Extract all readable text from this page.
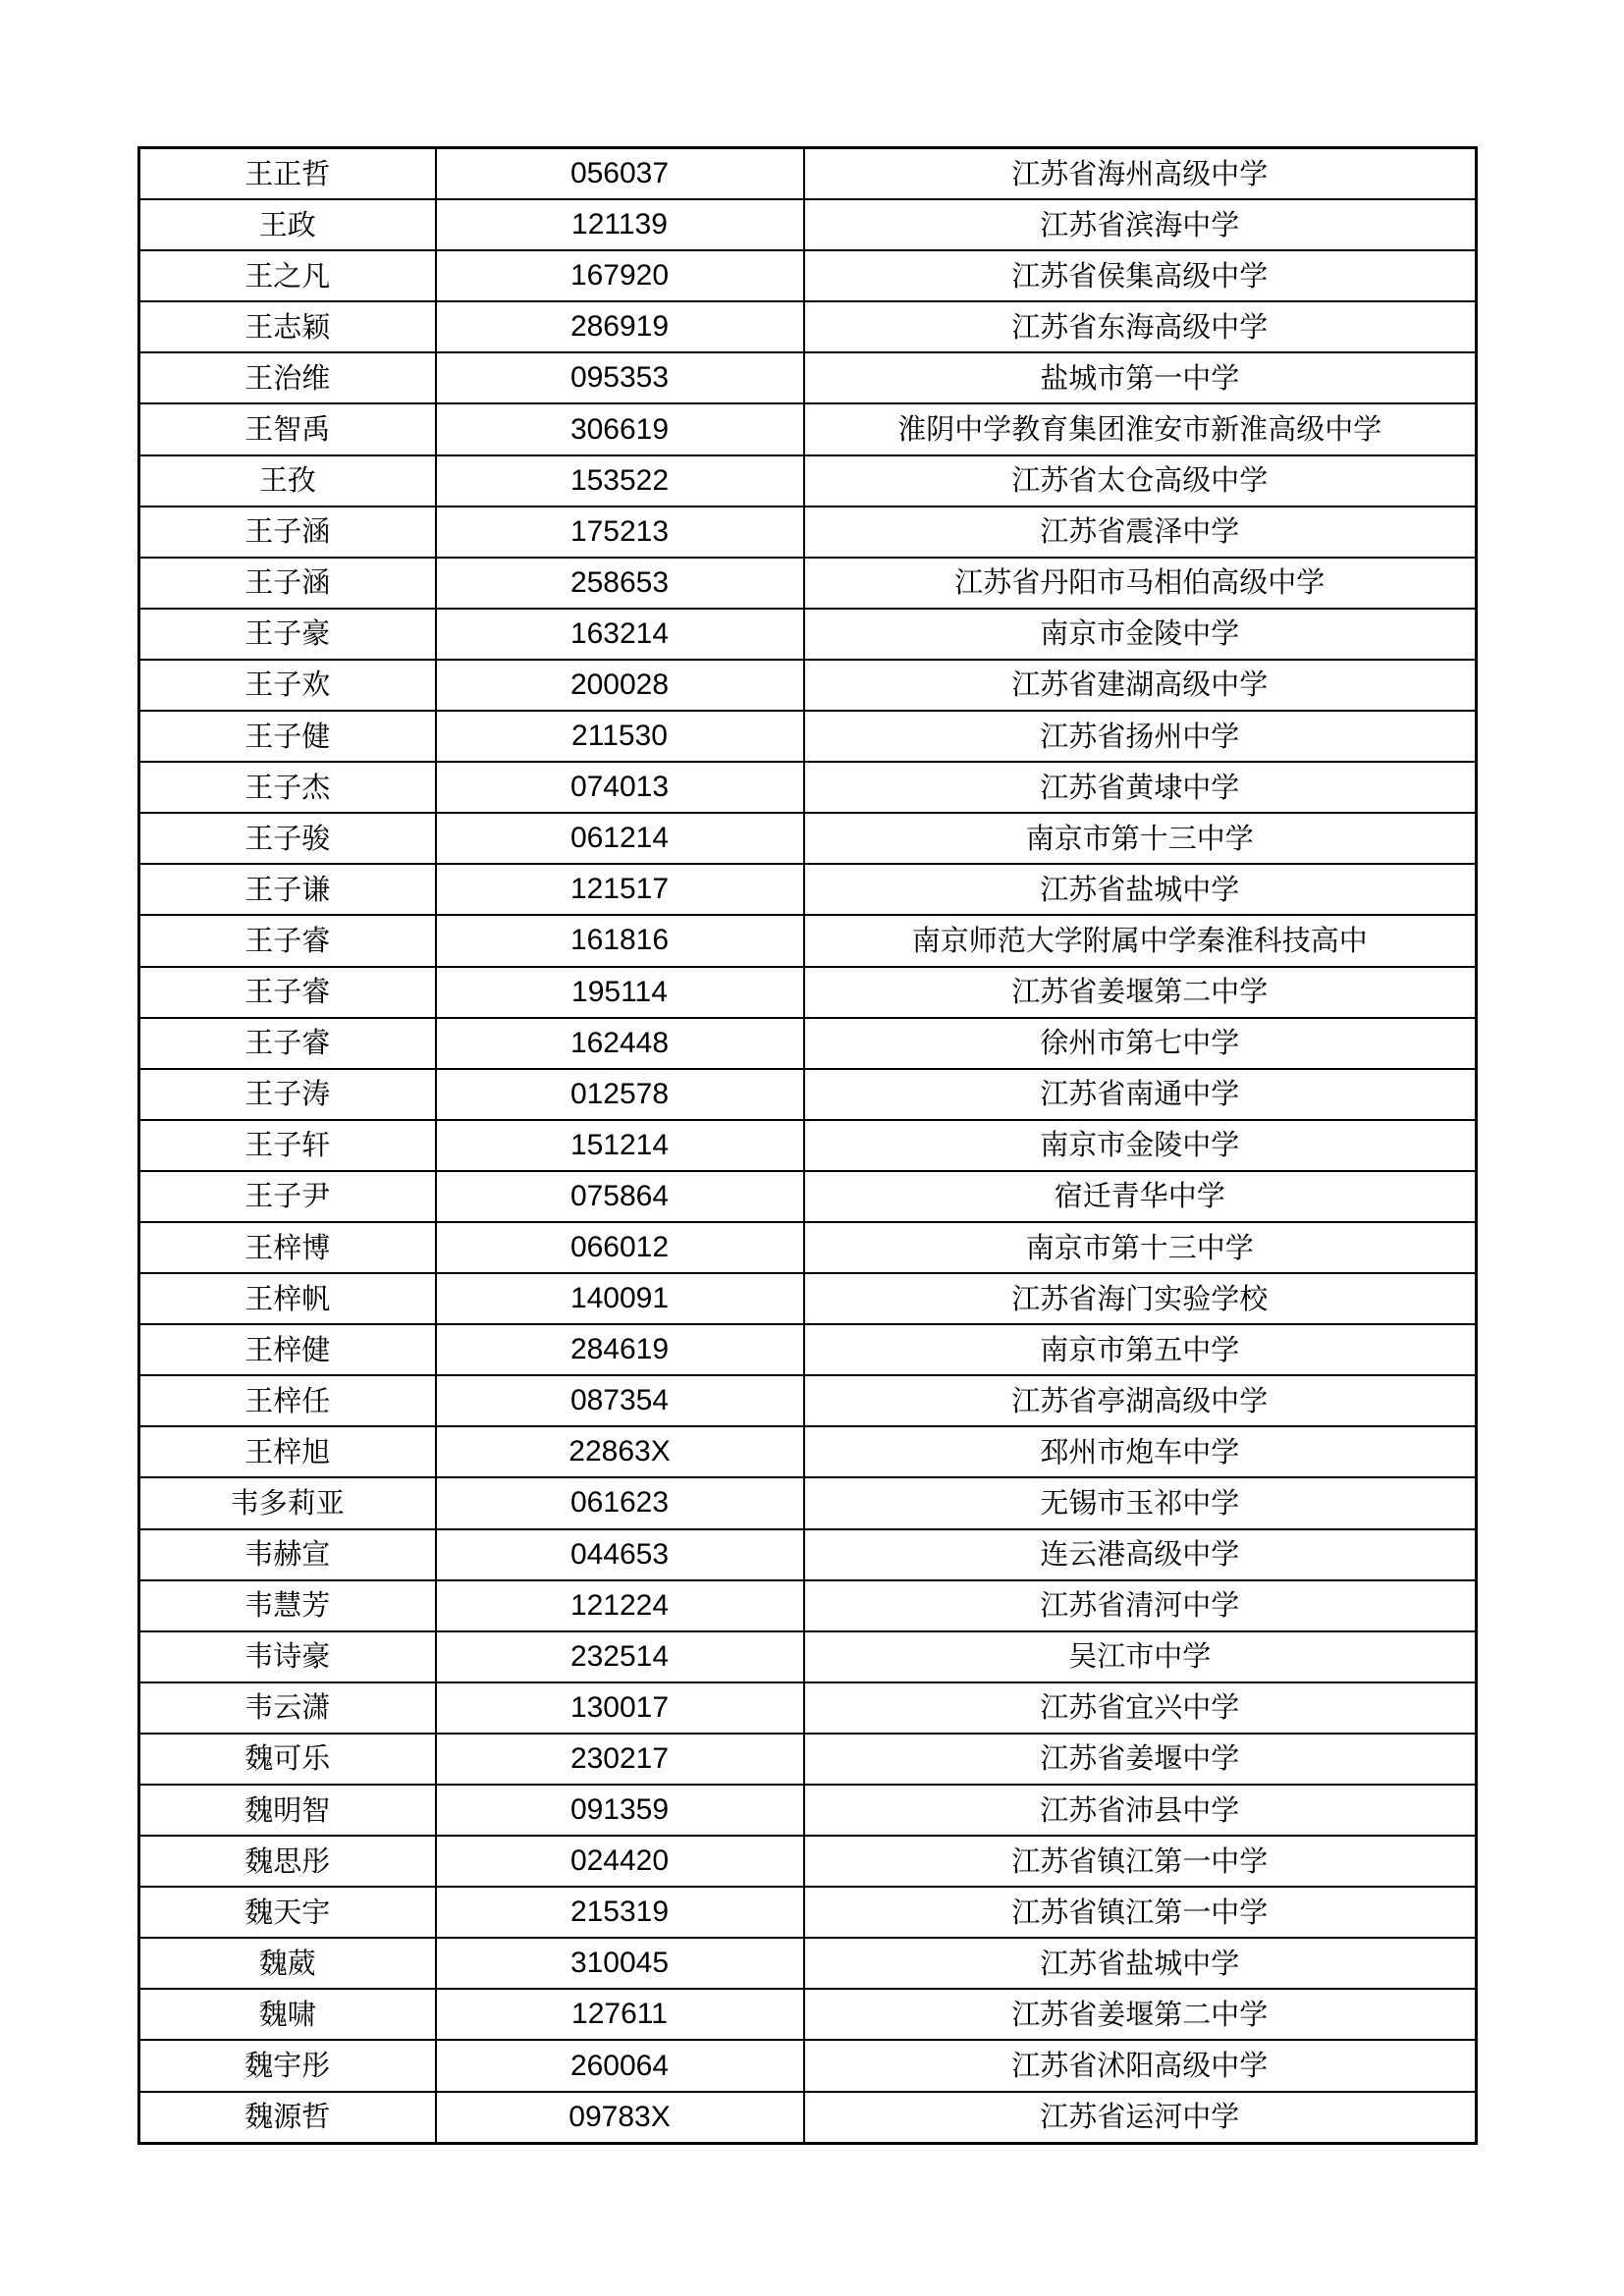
王正哲	056037	江苏省海州高级中学
王政	121139	江苏省滨海中学
王之凡	167920	江苏省侯集高级中学
王志颖	286919	江苏省东海高级中学
王治维	095353	盐城市第一中学
王智禹	306619	淮阴中学教育集团淮安市新淮高级中学
王孜	153522	江苏省太仓高级中学
王子涵	175213	江苏省震泽中学
王子涵	258653	江苏省丹阳市马相伯高级中学
王子豪	163214	南京市金陵中学
王子欢	200028	江苏省建湖高级中学
王子健	211530	江苏省扬州中学
王子杰	074013	江苏省黄埭中学
王子骏	061214	南京市第十三中学
王子谦	121517	江苏省盐城中学
王子睿	161816	南京师范大学附属中学秦淮科技高中
王子睿	195114	江苏省姜堰第二中学
王子睿	162448	徐州市第七中学
王子涛	012578	江苏省南通中学
王子轩	151214	南京市金陵中学
王子尹	075864	宿迁青华中学
王梓博	066012	南京市第十三中学
王梓帆	140091	江苏省海门实验学校
王梓健	284619	南京市第五中学
王梓任	087354	江苏省亭湖高级中学
王梓旭	22863X	邳州市炮车中学
韦多莉亚	061623	无锡市玉祁中学
韦赫宣	044653	连云港高级中学
韦慧芳	121224	江苏省清河中学
韦诗豪	232514	吴江市中学
韦云潇	130017	江苏省宜兴中学
魏可乐	230217	江苏省姜堰中学
魏明智	091359	江苏省沛县中学
魏思彤	024420	江苏省镇江第一中学
魏天宇	215319	江苏省镇江第一中学
魏葳	310045	江苏省盐城中学
魏啸	127611	江苏省姜堰第二中学
魏宇彤	260064	江苏省沭阳高级中学
魏源哲	09783X	江苏省运河中学
